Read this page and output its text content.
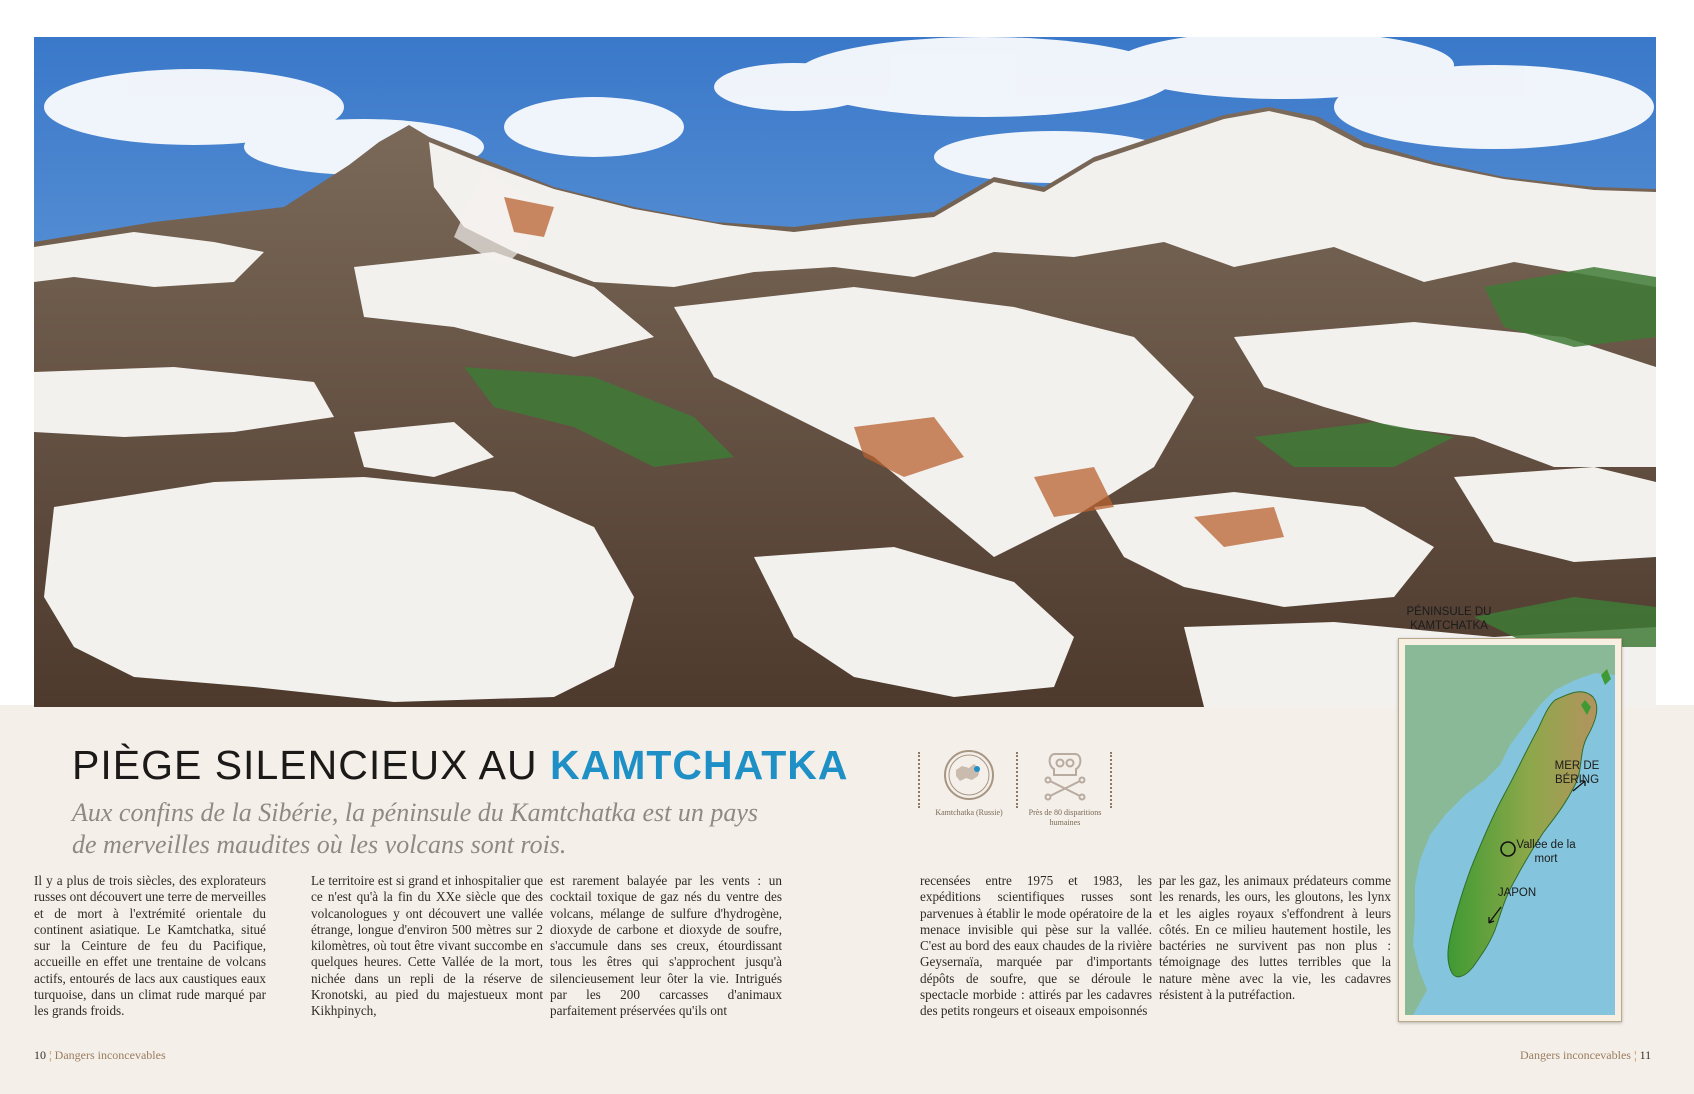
PIÈGE SILENCIEUX AU KAMTCHATKA

Aux confins de la Sibérie, la péninsule du Kamtchatka est un pays de merveilles maudites où les volcans sont rois.

Il y a plus de trois siècles, des explorateurs russes ont découvert une terre de merveilles et de mort à l'extrémité orientale du continent asiatique. Le Kamtchatka, situé sur la Ceinture de feu du Pacifique, accueille en effet une trentaine de volcans actifs, entourés de lacs aux caustiques eaux turquoise, dans un climat rude marqué par les grands froids.

Le territoire est si grand et inhospitalier que ce n'est qu'à la fin du XXe siècle que des volcanologues y ont découvert une vallée étrange, longue d'environ 500 mètres sur 2 kilomètres, où tout être vivant succombe en quelques heures. Cette Vallée de la mort, nichée dans un repli de la réserve de Kronotski, au pied du majestueux mont Kikhpinych,

est rarement balayée par les vents : un cocktail toxique de gaz nés du ventre des volcans, mélange de sulfure d'hydrogène, dioxyde de carbone et dioxyde de soufre, s'accumule dans ses creux, étourdissant tous les êtres qui s'approchent jusqu'à silencieusement leur ôter la vie. Intrigués par les 200 carcasses d'animaux parfaitement préservées qu'ils ont

recensées entre 1975 et 1983, les expéditions scientifiques russes sont parvenues à établir le mode opératoire de la menace invisible qui pèse sur la vallée. C'est au bord des eaux chaudes de la rivière Geysernaïa, marquée par d'importants dépôts de soufre, que se déroule le spectacle morbide : attirés par les cadavres des petits rongeurs et oiseaux empoisonnés

par les gaz, les animaux prédateurs comme les renards, les ours, les gloutons, les lynx et les aigles royaux s'effondrent à leurs côtés. En ce milieu hautement hostile, les bactéries ne survivent pas non plus : témoignage des luttes terribles que la nature mène avec la vie, les cadavres résistent à la putréfaction.

Kamtchatka (Russie)	Près de 80 disparitions humaines
PÉNINSULE DU KAMTCHATKA
MER DE BÉRING
Vallée de la mort
JAPON
10 ¦ Dangers inconcevables	Dangers inconcevables ¦ 11
